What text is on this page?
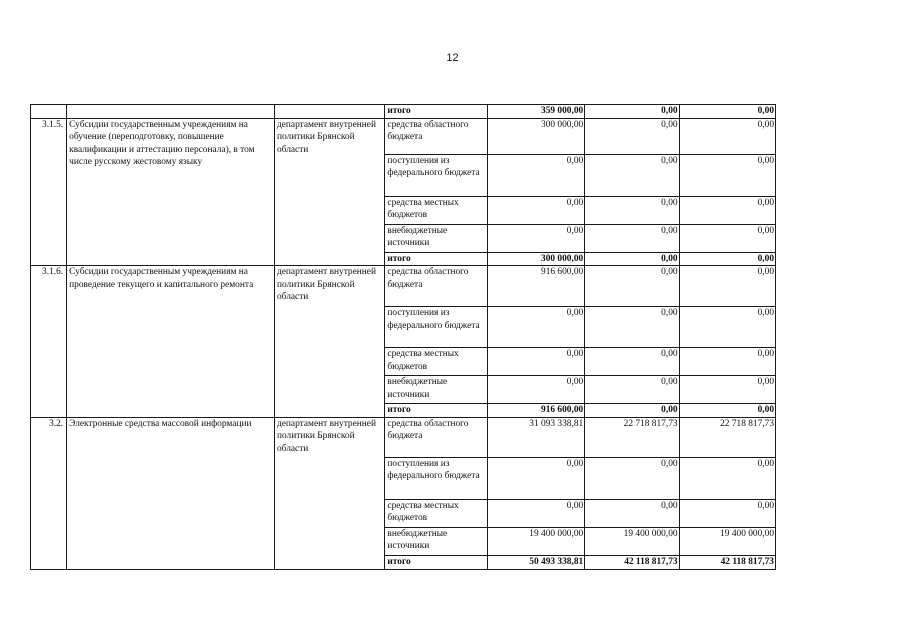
12
			итого	359 000,00	0,00	0,00
3.1.5.	Субсидии государственным учреждениям на обучение (переподготовку, повышение квалификации и аттестацию персонала), в том числе русскому жестовому языку	департамент внутренней политики Брянской области	средства областного бюджета	300 000,00	0,00	0,00
			поступления из федерального бюджета	0,00	0,00	0,00
			средства местных бюджетов	0,00	0,00	0,00
			внебюджетные источники	0,00	0,00	0,00
			итого	300 000,00	0,00	0,00
3.1.6.	Субсидии государственным учреждениям на проведение текущего и капитального ремонта	департамент внутренней политики Брянской области	средства областного бюджета	916 600,00	0,00	0,00
			поступления из федерального бюджета	0,00	0,00	0,00
			средства местных бюджетов	0,00	0,00	0,00
			внебюджетные источники	0,00	0,00	0,00
			итого	916 600,00	0,00	0,00
3.2.	Электронные средства массовой информации	департамент внутренней политики Брянской области	средства областного бюджета	31 093 338,81	22 718 817,73	22 718 817,73
			поступления из федерального бюджета	0,00	0,00	0,00
			средства местных бюджетов	0,00	0,00	0,00
			внебюджетные источники	19 400 000,00	19 400 000,00	19 400 000,00
			итого	50 493 338,81	42 118 817,73	42 118 817,73
